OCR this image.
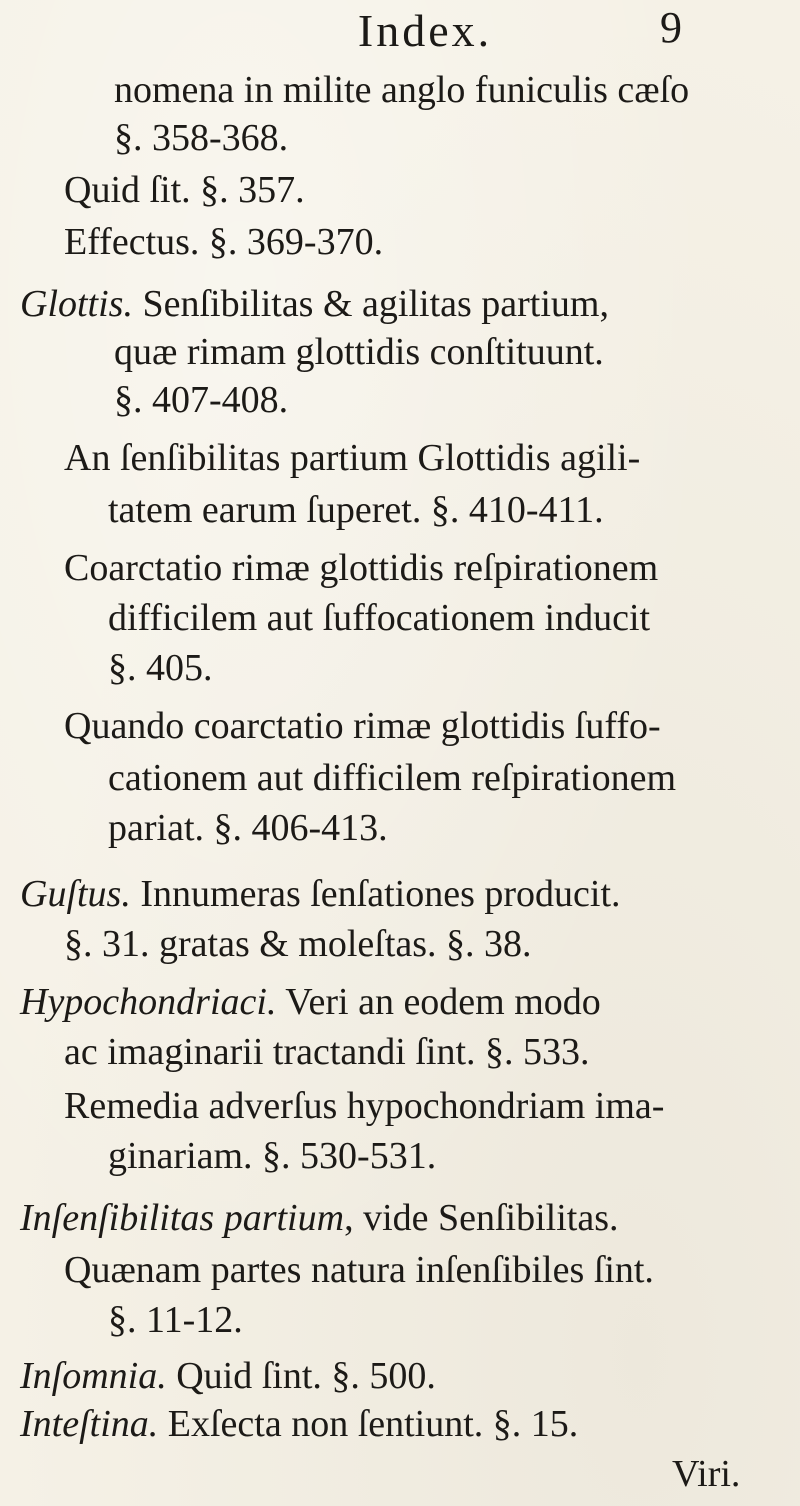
Index.	9
nomena in milite anglo funiculis cæſo
§. 358-368.
Quid ſit. §. 357.
Effectus. §. 369-370.
Glottis. Senſibilitas & agilitas partium,
quæ rimam glottidis conſtituunt.
§. 407-408.
An ſenſibilitas partium Glottidis agili-
tatem earum ſuperet. §. 410-411.
Coarctatio rimæ glottidis reſpirationem
difficilem aut ſuffocationem inducit
§. 405.
Quando coarctatio rimæ glottidis ſuffo-
cationem aut difficilem reſpirationem
pariat. §. 406-413.
Guſtus. Innumeras ſenſationes producit.
§. 31. gratas & moleſtas. §. 38.
Hypochondriaci. Veri an eodem modo
ac imaginarii tractandi ſint. §. 533.
Remedia adverſus hypochondriam ima-
ginariam. §. 530-531.
Inſenſibilitas partium, vide Senſibilitas.
Quænam partes natura inſenſibiles ſint.
§. 11-12.
Inſomnia. Quid ſint. §. 500.
Inteſtina. Exſecta non ſentiunt. §. 15.
Viri.
